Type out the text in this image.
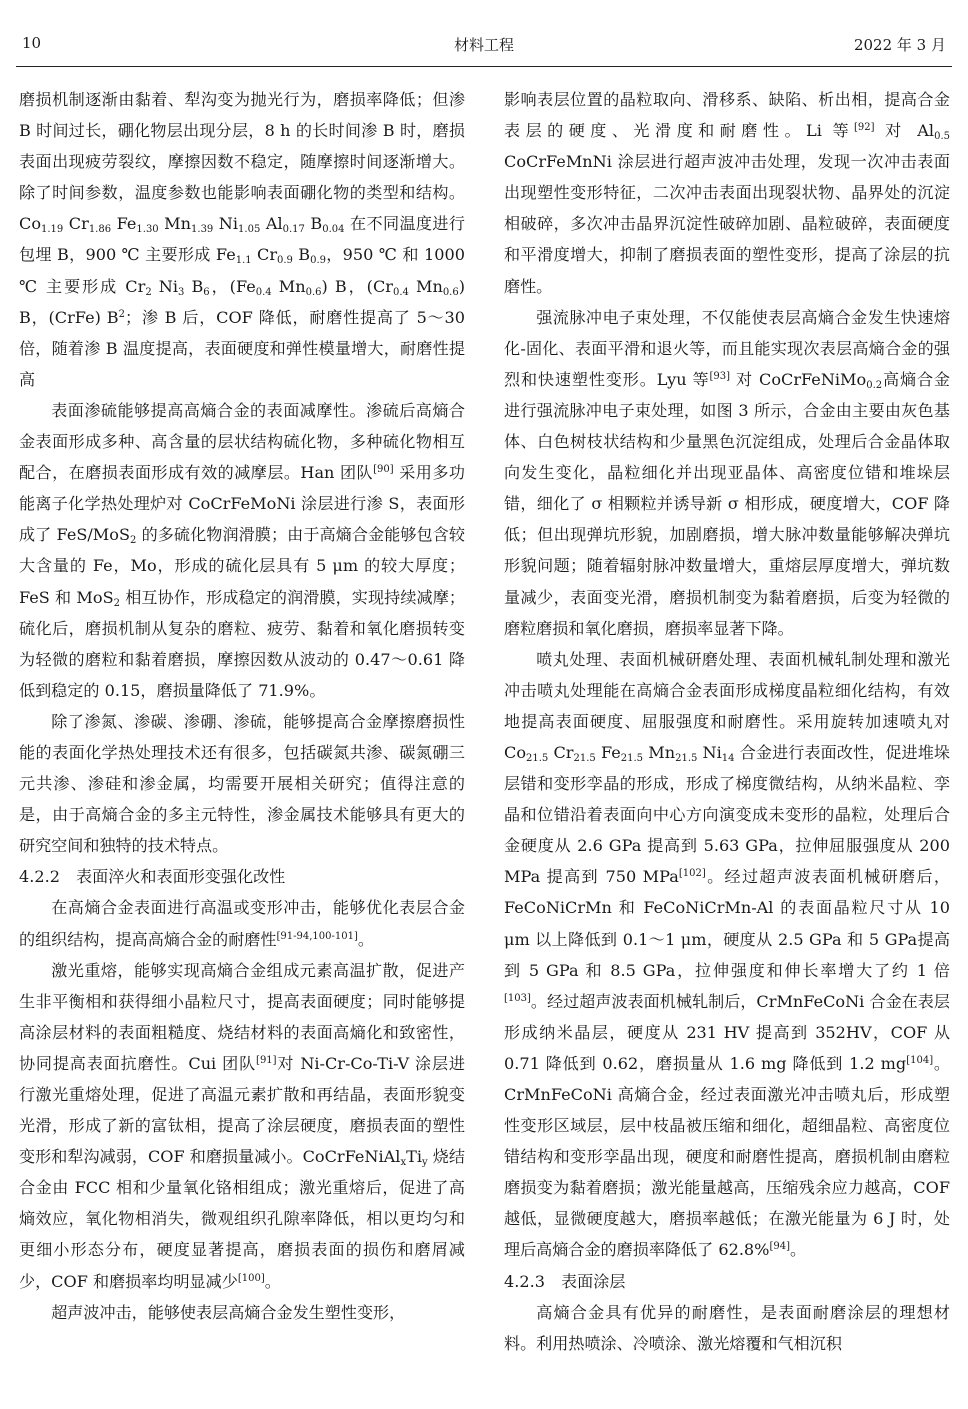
10	材料工程	2022 年 3 月

磨损机制逐渐由黏着、犁沟变为抛光行为，磨损率降低；但渗 B 时间过长，硼化物层出现分层，8 h 的长时间渗 B 时，磨损表面出现疲劳裂纹，摩擦因数不稳定，随摩擦时间逐渐增大。除了时间参数，温度参数也能影响表面硼化物的类型和结构。$Co_{1.19}$ $Cr_{1.86}$ $Fe_{1.30}$ $Mn_{1.39}$ $Ni_{1.05}$ $Al_{0.17}$ $B_{0.04}$ 在不同温度进行包埋 B，900 ℃ 主要形成 $Fe_{1.1}$ $Cr_{0.9}$ $B_{0.9}$，950 ℃ 和 1000 ℃ 主要形成 $Cr_2$ $Ni_3$ $B_6$，($Fe_{0.4}$ $Mn_{0.6}$) B，($Cr_{0.4}$ $Mn_{0.6}$) B，(CrFe) $B^2$；渗 B 后，COF 降低，耐磨性提高了 5～30 倍，随着渗 B 温度提高，表面硬度和弹性模量增大，耐磨性提高

表面渗硫能够提高高熵合金的表面减摩性。渗硫后高熵合金表面形成多种、高含量的层状结构硫化物，多种硫化物相互配合，在磨损表面形成有效的减摩层。Han 团队[90] 采用多功能离子化学热处理炉对 CoCrFeMoNi 涂层进行渗 S，表面形成了 FeS/MoS$_2$ 的多硫化物润滑膜；由于高熵合金能够包含较大含量的 Fe，Mo，形成的硫化层具有 5 μm 的较大厚度；FeS 和 MoS$_2$ 相互协作，形成稳定的润滑膜，实现持续减摩；硫化后，磨损机制从复杂的磨粒、疲劳、黏着和氧化磨损转变为轻微的磨粒和黏着磨损，摩擦因数从波动的 0.47～0.61 降低到稳定的 0.15，磨损量降低了 71.9%。

除了渗氮、渗碳、渗硼、渗硫，能够提高合金摩擦磨损性能的表面化学热处理技术还有很多，包括碳氮共渗、碳氮硼三元共渗、渗硅和渗金属，均需要开展相关研究；值得注意的是，由于高熵合金的多主元特性，渗金属技术能够具有更大的研究空间和独特的技术特点。

4.2.2　表面淬火和表面形变强化改性

在高熵合金表面进行高温或变形冲击，能够优化表层合金的组织结构，提高高熵合金的耐磨性[91-94,100-101]。

激光重熔，能够实现高熵合金组成元素高温扩散，促进产生非平衡相和获得细小晶粒尺寸，提高表面硬度；同时能够提高涂层材料的表面粗糙度、烧结材料的表面高熵化和致密性，协同提高表面抗磨性。Cui 团队[91]对 Ni-Cr-Co-Ti-V 涂层进行激光重熔处理，促进了高温元素扩散和再结晶，表面形貌变光滑，形成了新的富钛相，提高了涂层硬度，磨损表面的塑性变形和犁沟减弱，COF 和磨损量减小。$CoCrFeNiAl_xTi_y$ 烧结合金由 FCC 相和少量氧化铬相组成；激光重熔后，促进了高熵效应，氧化物相消失，微观组织孔隙率降低，相以更均匀和更细小形态分布，硬度显著提高，磨损表面的损伤和磨屑减少，COF 和磨损率均明显减少[100]。

超声波冲击，能够使表层高熵合金发生塑性变形，

影响表层位置的晶粒取向、滑移系、缺陷、析出相，提高合金表层的硬度、光滑度和耐磨性。Li 等[92] 对 $Al_{0.5}$ CoCrFeMnNi 涂层进行超声波冲击处理，发现一次冲击表面出现塑性变形特征，二次冲击表面出现裂状物、晶界处的沉淀相破碎，多次冲击晶界沉淀性破碎加剧、晶粒破碎，表面硬度和平滑度增大，抑制了磨损表面的塑性变形，提高了涂层的抗磨性。

强流脉冲电子束处理，不仅能使表层高熵合金发生快速熔化-固化、表面平滑和退火等，而且能实现次表层高熵合金的强烈和快速塑性变形。Lyu 等[93] 对 CoCrFeNiMo$_{0.2}$高熵合金进行强流脉冲电子束处理，如图 3 所示，合金由主要由灰色基体、白色树枝状结构和少量黑色沉淀组成，处理后合金晶体取向发生变化，晶粒细化并出现亚晶体、高密度位错和堆垛层错，细化了 σ 相颗粒并诱导新 σ 相形成，硬度增大，COF 降低；但出现弹坑形貌，加剧磨损，增大脉冲数量能够解决弹坑形貌问题；随着辐射脉冲数量增大，重熔层厚度增大，弹坑数量减少，表面变光滑，磨损机制变为黏着磨损，后变为轻微的磨粒磨损和氧化磨损，磨损率显著下降。

喷丸处理、表面机械研磨处理、表面机械轧制处理和激光冲击喷丸处理能在高熵合金表面形成梯度晶粒细化结构，有效地提高表面硬度、屈服强度和耐磨性。采用旋转加速喷丸对 $Co_{21.5}$ $Cr_{21.5}$ $Fe_{21.5}$ $Mn_{21.5}$ $Ni_{14}$ 合金进行表面改性，促进堆垛层错和变形孪晶的形成，形成了梯度微结构，从纳米晶粒、孪晶和位错沿着表面向中心方向演变成未变形的晶粒，处理后合金硬度从 2.6 GPa 提高到 5.63 GPa，拉伸屈服强度从 200 MPa 提高到 750 MPa[102]。经过超声波表面机械研磨后，FeCoNiCrMn 和 FeCoNiCrMn-Al 的表面晶粒尺寸从 10 μm 以上降低到 0.1～1 μm，硬度从 2.5 GPa 和 5 GPa提高到 5 GPa 和 8.5 GPa，拉伸强度和伸长率增大了约 1 倍[103]。经过超声波表面机械轧制后，CrMnFeCoNi 合金在表层形成纳米晶层，硬度从 231 HV 提高到 352HV，COF 从 0.71 降低到 0.62，磨损量从 1.6 mg 降低到 1.2 mg[104]。CrMnFeCoNi 高熵合金，经过表面激光冲击喷丸后，形成塑性变形区域层，层中枝晶被压缩和细化，超细晶粒、高密度位错结构和变形孪晶出现，硬度和耐磨性提高，磨损机制由磨粒磨损变为黏着磨损；激光能量越高，压缩残余应力越高，COF 越低，显微硬度越大，磨损率越低；在激光能量为 6 J 时，处理后高熵合金的磨损率降低了 62.8%[94]。

4.2.3　表面涂层

高熵合金具有优异的耐磨性，是表面耐磨涂层的理想材料。利用热喷涂、冷喷涂、激光熔覆和气相沉积
